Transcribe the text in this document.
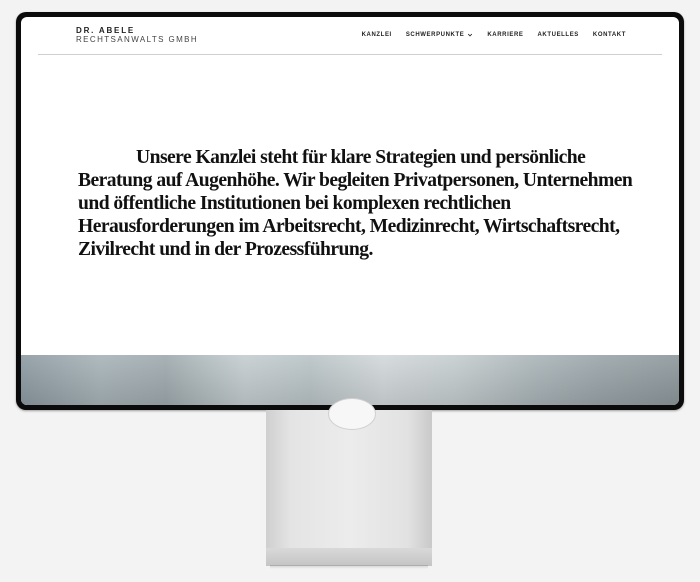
DR. ABELE
RECHTSANWALTS GMBH	KANZLEI SCHWERPUNKTE	KARRIERE AKTUELLES KONTAKT

Unsere Kanzlei steht für klare Strategien und persönliche Beratung auf Augenhöhe. Wir begleiten Privatpersonen, Unternehmen und öffentliche Institutionen bei komplexen rechtlichen Herausforderungen im Arbeitsrecht, Medizinrecht, Wirtschaftsrecht, Zivilrecht und in der Prozessführung.
